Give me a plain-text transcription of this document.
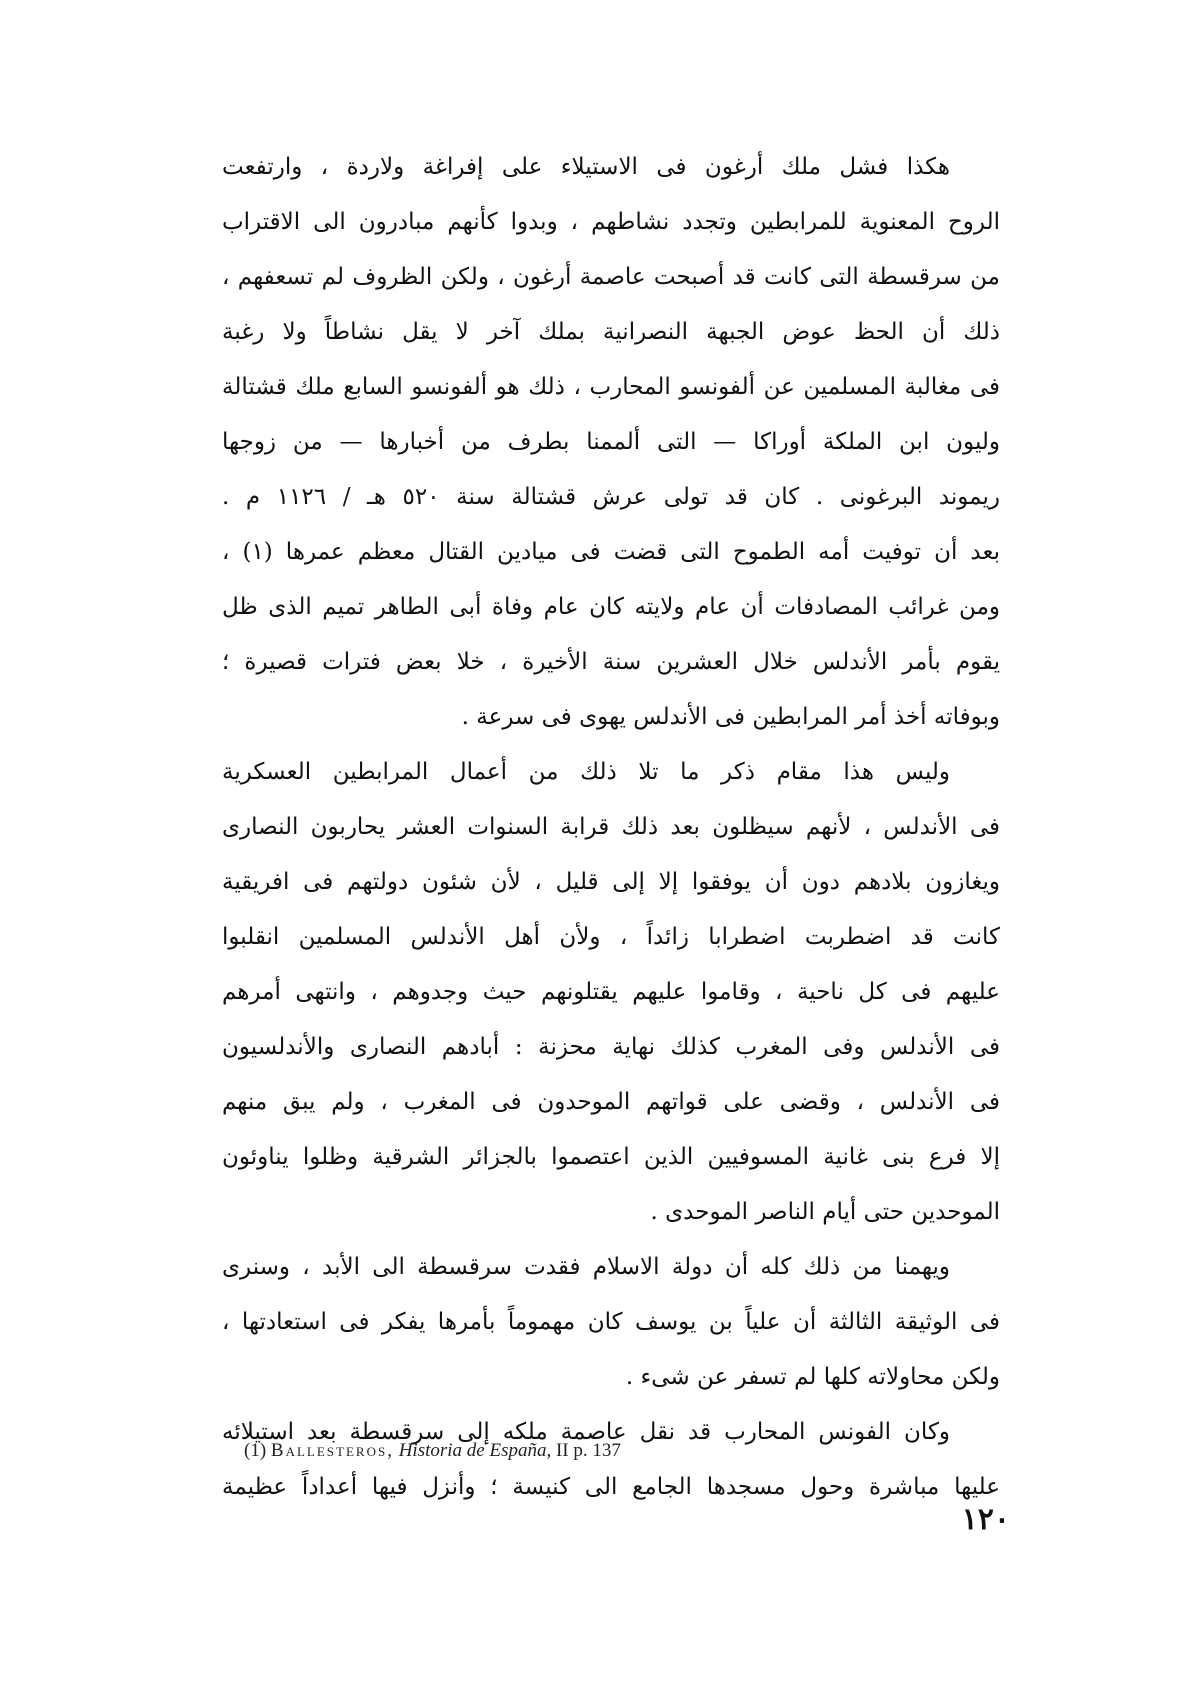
هكذا فشل ملك أرغون فى الاستيلاء على إفراغة ولاردة ، وارتفعت
الروح المعنوية للمرابطين وتجدد نشاطهم ، وبدوا كأنهم مبادرون الى الاقتراب
من سرقسطة التى كانت قد أصبحت عاصمة أرغون ، ولكن الظروف لم تسعفهم ،
ذلك أن الحظ عوض الجبهة النصرانية بملك آخر لا يقل نشاطاً ولا رغبة
فى مغالبة المسلمين عن ألفونسو المحارب ، ذلك هو ألفونسو السابع ملك قشتالة
وليون ابن الملكة أوراكا — التى ألممنا بطرف من أخبارها — من زوجها
ريموند البرغونى . كان قد تولى عرش قشتالة سنة ٥٢٠ هـ / ١١٢٦ م .
بعد أن توفيت أمه الطموح التى قضت فى ميادين القتال معظم عمرها (١) ،
ومن غرائب المصادفات أن عام ولايته كان عام وفاة أبى الطاهر تميم الذى ظل
يقوم بأمر الأندلس خلال العشرين سنة الأخيرة ، خلا بعض فترات قصيرة ؛
وبوفاته أخذ أمر المرابطين فى الأندلس يهوى فى سرعة .
وليس هذا مقام ذكر ما تلا ذلك من أعمال المرابطين العسكرية
فى الأندلس ، لأنهم سيظلون بعد ذلك قرابة السنوات العشر يحاربون النصارى
ويغازون بلادهم دون أن يوفقوا إلا إلى قليل ، لأن شئون دولتهم فى افريقية
كانت قد اضطربت اضطرابا زائداً ، ولأن أهل الأندلس المسلمين انقلبوا
عليهم فى كل ناحية ، وقاموا عليهم يقتلونهم حيث وجدوهم ، وانتهى أمرهم
فى الأندلس وفى المغرب كذلك نهاية محزنة : أبادهم النصارى والأندلسيون
فى الأندلس ، وقضى على قواتهم الموحدون فى المغرب ، ولم يبق منهم
إلا فرع بنى غانية المسوفيين الذين اعتصموا بالجزائر الشرقية وظلوا يناوئون
الموحدين حتى أيام الناصر الموحدى .
ويهمنا من ذلك كله أن دولة الاسلام فقدت سرقسطة الى الأبد ، وسنرى
فى الوثيقة الثالثة أن علياً بن يوسف كان مهموماً بأمرها يفكر فى استعادتها ،
ولكن محاولاته كلها لم تسفر عن شىء .
وكان الفونس المحارب قد نقل عاصمة ملكه إلى سرقسطة بعد استيلائه
عليها مباشرة وحول مسجدها الجامع الى كنيسة ؛ وأنزل فيها أعداداً عظيمة
(1) Ballesteros, Historia de España, II p. 137
١٢٠
